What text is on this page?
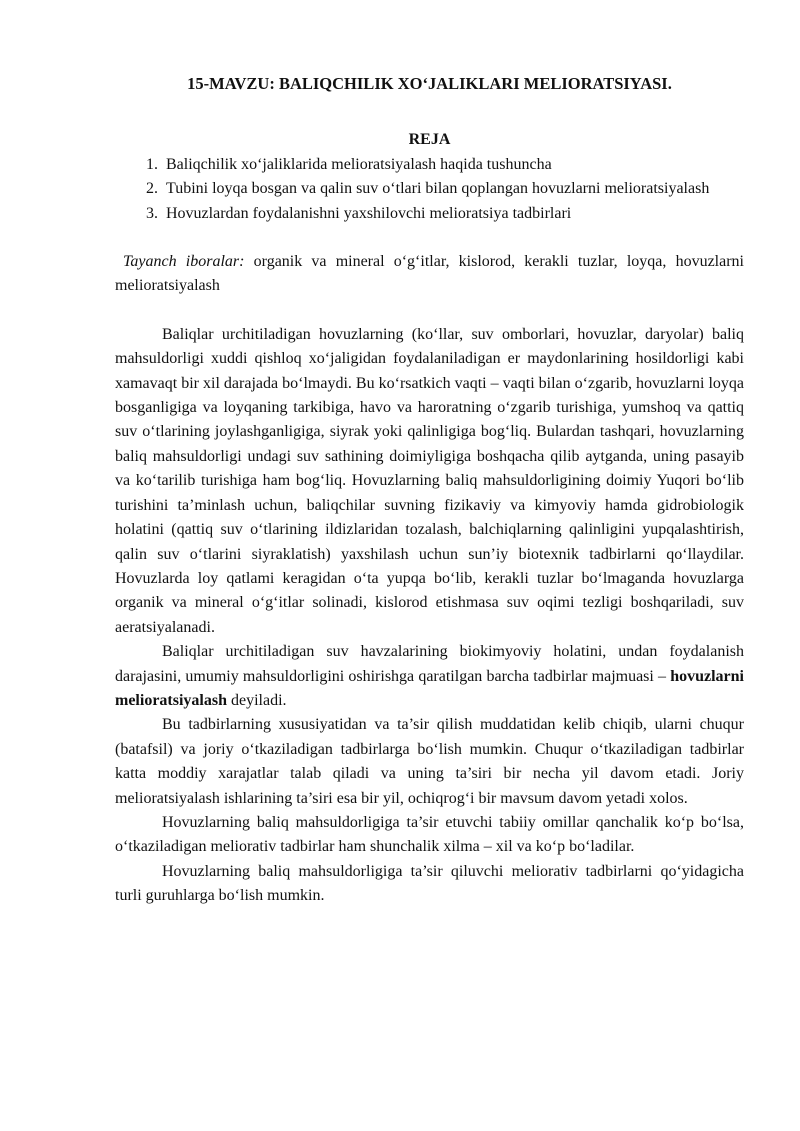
15-MAVZU: BALIQCHILIK XO‘JALIKLARI MELIORATSIYASI.
REJA
1. Baliqchilik xo‘jaliklarida melioratsiyalash haqida tushuncha
2. Tubini loyqa bosgan va qalin suv o‘tlari bilan qoplangan hovuzlarni melioratsiyalash
3. Hovuzlardan foydalanishni yaxshilovchi melioratsiya tadbirlari
Tayanch iboralar: organik va mineral o‘g‘itlar, kislorod, kerakli tuzlar, loyqa, hovuzlarni melioratsiyalash

Baliqlar urchitiladigan hovuzlarning (ko‘llar, suv omborlari, hovuzlar, daryolar) baliq mahsuldorligi xuddi qishloq xo‘jaligidan foydalaniladigan er maydonlarining hosildorligi kabi xamavaqt bir xil darajada bo‘lmaydi. Bu ko‘rsatkich vaqti – vaqti bilan o‘zgarib, hovuzlarni loyqa bosganligiga va loyqaning tarkibiga, havo va haroratning o‘zgarib turishiga, yumshoq va qattiq suv o‘tlarining joylashganligiga, siyrak yoki qalinligiga bog‘liq. Bulardan tashqari, hovuzlarning baliq mahsuldorligi undagi suv sathining doimiyligiga boshqacha qilib aytganda, uning pasayib va ko‘tarilib turishiga ham bog‘liq. Hovuzlarning baliq mahsuldorligining doimiy Yuqori bo‘lib turishini ta’minlash uchun, baliqchilar suvning fizikaviy va kimyoviy hamda gidrobiologik holatini (qattiq suv o‘tlarining ildizlaridan tozalash, balchiqlarning qalinligini yupqalashtirish, qalin suv o‘tlarini siyraklatish) yaxshilash uchun sun’iy biotexnik tadbirlarni qo‘llaydilar. Hovuzlarda loy qatlami keragidan o‘ta yupqa bo‘lib, kerakli tuzlar bo‘lmaganda hovuzlarga organik va mineral o‘g‘itlar solinadi, kislorod etishmasa suv oqimi tezligi boshqariladi, suv aeratsiyalanadi.

Baliqlar urchitiladigan suv havzalarining biokimyoviy holatini, undan foydalanish darajasini, umumiy mahsuldorligini oshirishga qaratilgan barcha tadbirlar majmuasi – hovuzlarni melioratsiyalash deyiladi.

Bu tadbirlarning xususiyatidan va ta’sir qilish muddatidan kelib chiqib, ularni chuqur (batafsil) va joriy o‘tkaziladigan tadbirlarga bo‘lish mumkin. Chuqur o‘tkaziladigan tadbirlar katta moddiy xarajatlar talab qiladi va uning ta’siri bir necha yil davom etadi. Joriy melioratsiyalash ishlarining ta’siri esa bir yil, ochiqrog‘i bir mavsum davom yetadi xolos.

Hovuzlarning baliq mahsuldorligiga ta’sir etuvchi tabiiy omillar qanchalik ko‘p bo‘lsa, o‘tkaziladigan meliorativ tadbirlar ham shunchalik xilma – xil va ko‘p bo‘ladilar.

Hovuzlarning baliq mahsuldorligiga ta’sir qiluvchi meliorativ tadbirlarni qo‘yidagicha turli guruhlarga bo‘lish mumkin.
